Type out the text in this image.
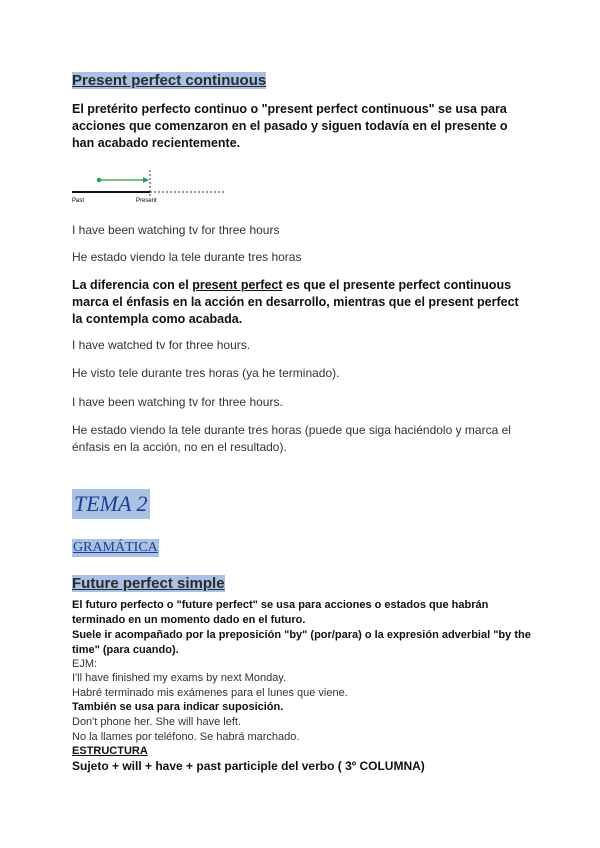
Present perfect continuous

El pretérito perfecto continuo o "present perfect continuous" se usa para acciones que comenzaron en el pasado y siguen todavía en el presente o han acabado recientemente.

Past	Present

I have been watching tv for three hours

He estado viendo la tele durante tres horas

La diferencia con el present perfect es que el presente perfect continuous marca el énfasis en la acción en desarrollo, mientras que el present perfect la contempla como acabada.

I have watched tv for three hours.

He visto tele durante tres horas (ya he terminado).

I have been watching tv for three hours.

He estado viendo la tele durante tres horas (puede que siga haciéndolo y marca el énfasis en la acción, no en el resultado).

TEMA 2
GRAMÁTICA
Future perfect simple

El futuro perfecto o "future perfect" se usa para acciones o estados que habrán terminado en un momento dado en el futuro.

Suele ir acompañado por la preposición "by" (por/para) o la expresión adverbial "by the time" (para cuando).

EJM:

I'll have finished my exams by next Monday.

Habré terminado mis exámenes para el lunes que viene.

También se usa para indicar suposición.

Don't phone her. She will have left.

No la llames por teléfono. Se habrá marchado.

ESTRUCTURA

Sujeto + will + have + past participle del verbo ( 3º COLUMNA)
